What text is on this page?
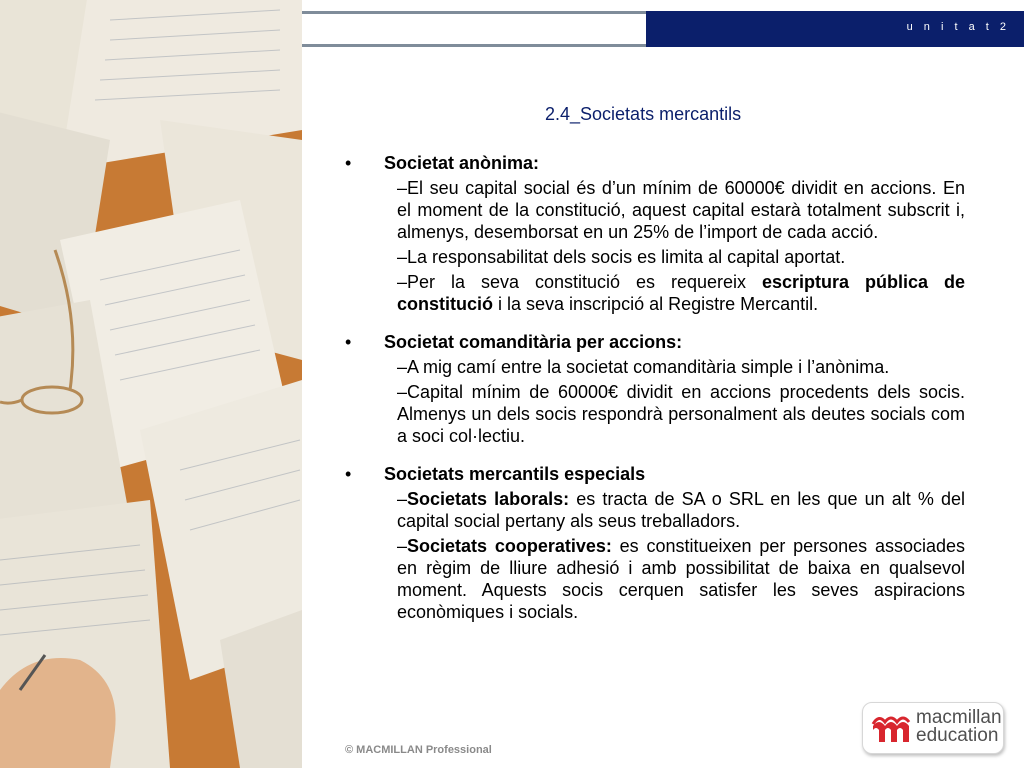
u n i t a t 2
2.4_Societats mercantils
• Societat anònima:
–El seu capital social és d’un mínim de 60000€ dividit en accions. En el moment de la constitució, aquest capital estarà totalment subscrit i, almenys, desemborsat en un 25% de l’import de cada acció.
–La responsabilitat dels socis es limita al capital aportat.
–Per la seva constitució es requereix escriptura pública de constitució i la seva inscripció al Registre Mercantil.
• Societat comanditària per accions:
–A mig camí entre la societat comanditària simple i l’anònima.
–Capital mínim de 60000€ dividit en accions procedents dels socis. Almenys un dels socis respondrà personalment als deutes socials com a soci col·lectiu.
• Societats mercantils especials
–Societats laborals: es tracta de SA o SRL en les que un alt % del capital social pertany als seus treballadors.
–Societats cooperatives: es constitueixen per persones associades en règim de lliure adhesió i amb possibilitat de baixa en qualsevol moment. Aquests socis cerquen satisfer les seves aspiracions econòmiques i socials.
© MACMILLAN Professional
macmillan
education
